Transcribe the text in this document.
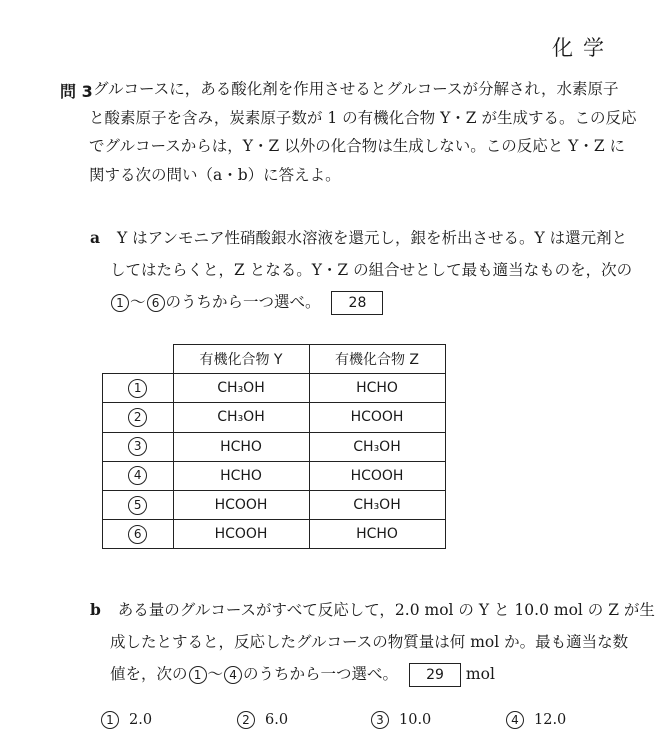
化学
問 3 グルコースに，ある酸化剤を作用させるとグルコースが分解され，水素原子
と酸素原子を含み，炭素原子数が 1 の有機化合物 Y・Z が生成する。この反応
でグルコースからは，Y・Z 以外の化合物は生成しない。この反応と Y・Z に
関する次の問い（a・b）に答えよ。
a Y はアンモニア性硝酸銀水溶液を還元し，銀を析出させる。Y は還元剤と
してはたらくと，Z となる。Y・Z の組合せとして最も適当なものを，次の
1 ～ 6 のうちから一つ選べ。 28
	有機化合物 Y	有機化合物 Z
1	CH₃OH	HCHO
2	CH₃OH	HCOOH
3	HCHO	CH₃OH
4	HCHO	HCOOH
5	HCOOH	CH₃OH
6	HCOOH	HCHO
b ある量のグルコースがすべて反応して，2.0 mol の Y と 10.0 mol の Z が生
成したとすると，反応したグルコースの物質量は何 mol か。最も適当な数
値を，次の 1 ～ 4 のうちから一つ選べ。 29 mol
1 2.0	2 6.0	3 10.0	4 12.0
